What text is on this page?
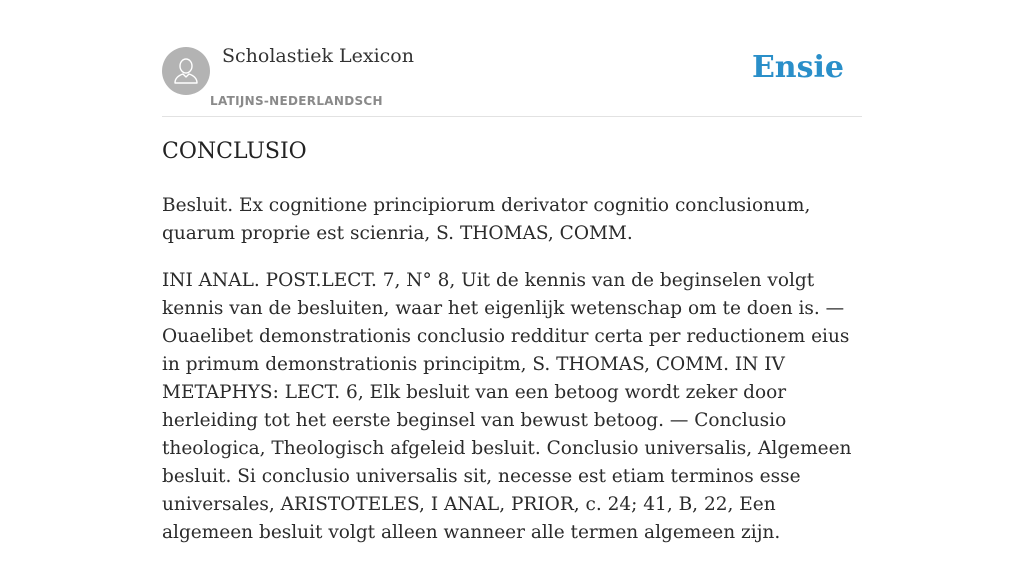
Scholastiek Lexicon
LATIJNS-NEDERLANDSCH
Ensie
CONCLUSIO

Besluit. Ex cognitione principiorum derivator cognitio conclusionum, quarum proprie est scienria, S. THOMAS, COMM.

INI ANAL. POST.LECT. 7, N° 8, Uit de kennis van de beginselen volgt kennis van de besluiten, waar het eigenlijk wetenschap om te doen is. — Ouaelibet demonstrationis conclusio redditur certa per reductionem eius in primum demonstrationis principitm, S. THOMAS, COMM. IN IV METAPHYS: LECT. 6, Elk besluit van een betoog wordt zeker door herleiding tot het eerste beginsel van bewust betoog. — Conclusio theologica, Theologisch afgeleid besluit. Conclusio universalis, Algemeen besluit. Si conclusio universalis sit, necesse est etiam terminos esse universales, ARISTOTELES, I ANAL, PRIOR, c. 24; 41, B, 22, Een algemeen besluit volgt alleen wanneer alle termen algemeen zijn.
